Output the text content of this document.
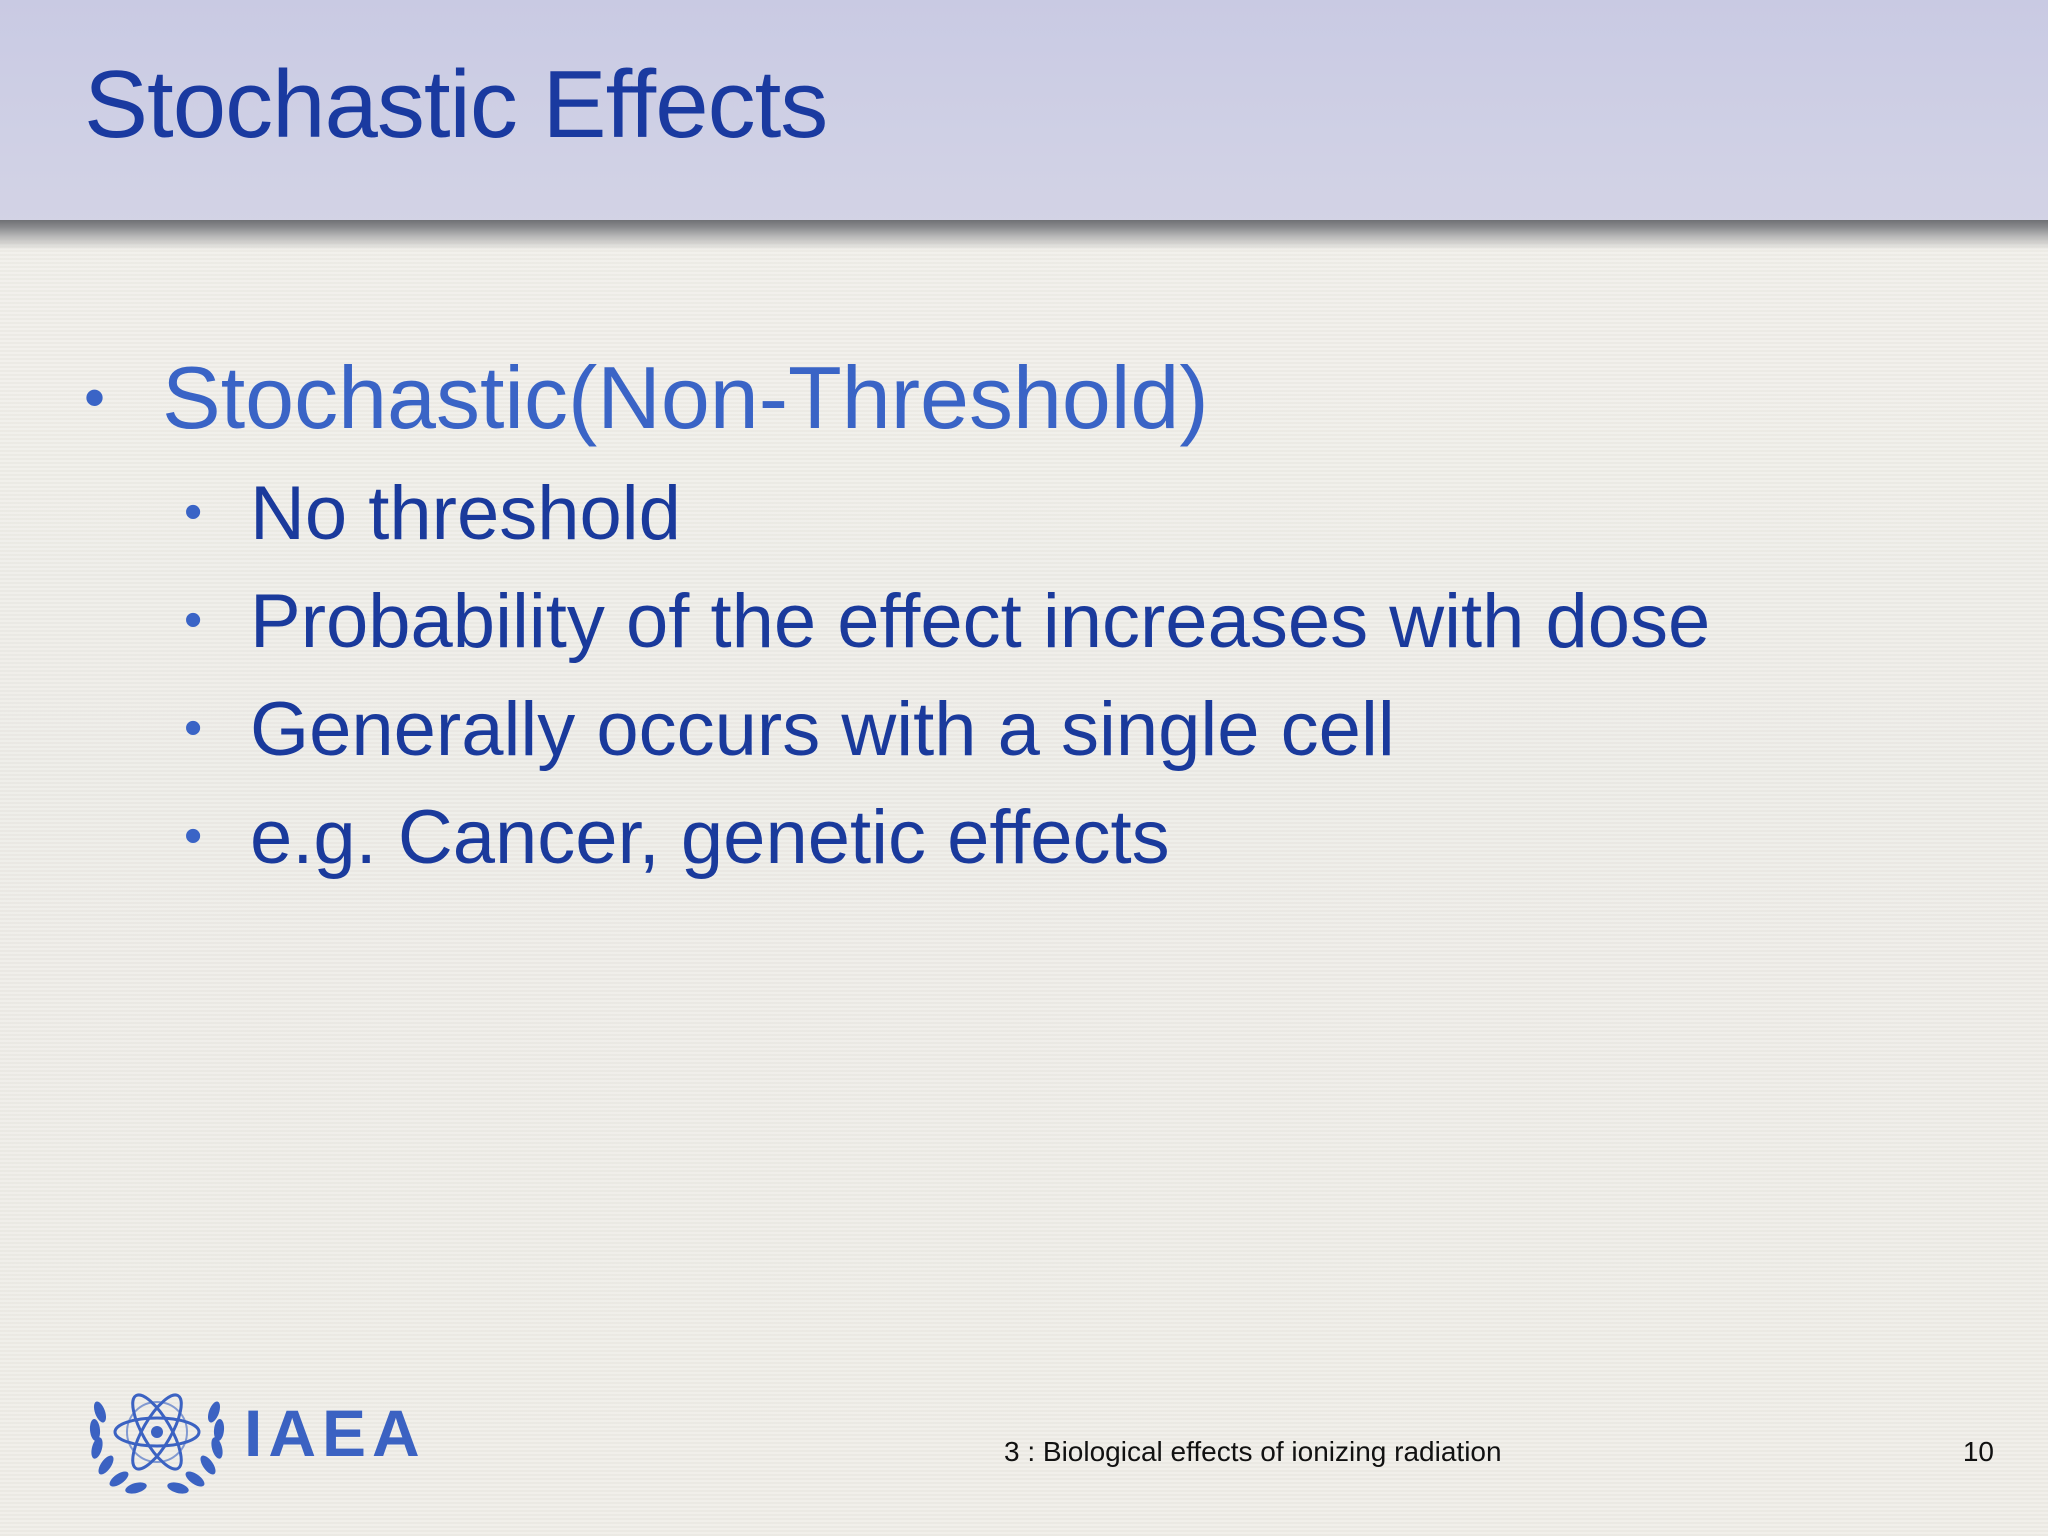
Stochastic Effects
• Stochastic(Non-Threshold)
• No threshold
• Probability of the effect increases with dose
• Generally occurs with a single cell
• e.g. Cancer, genetic effects
IAEA	3 : Biological effects of ionizing radiation	10
